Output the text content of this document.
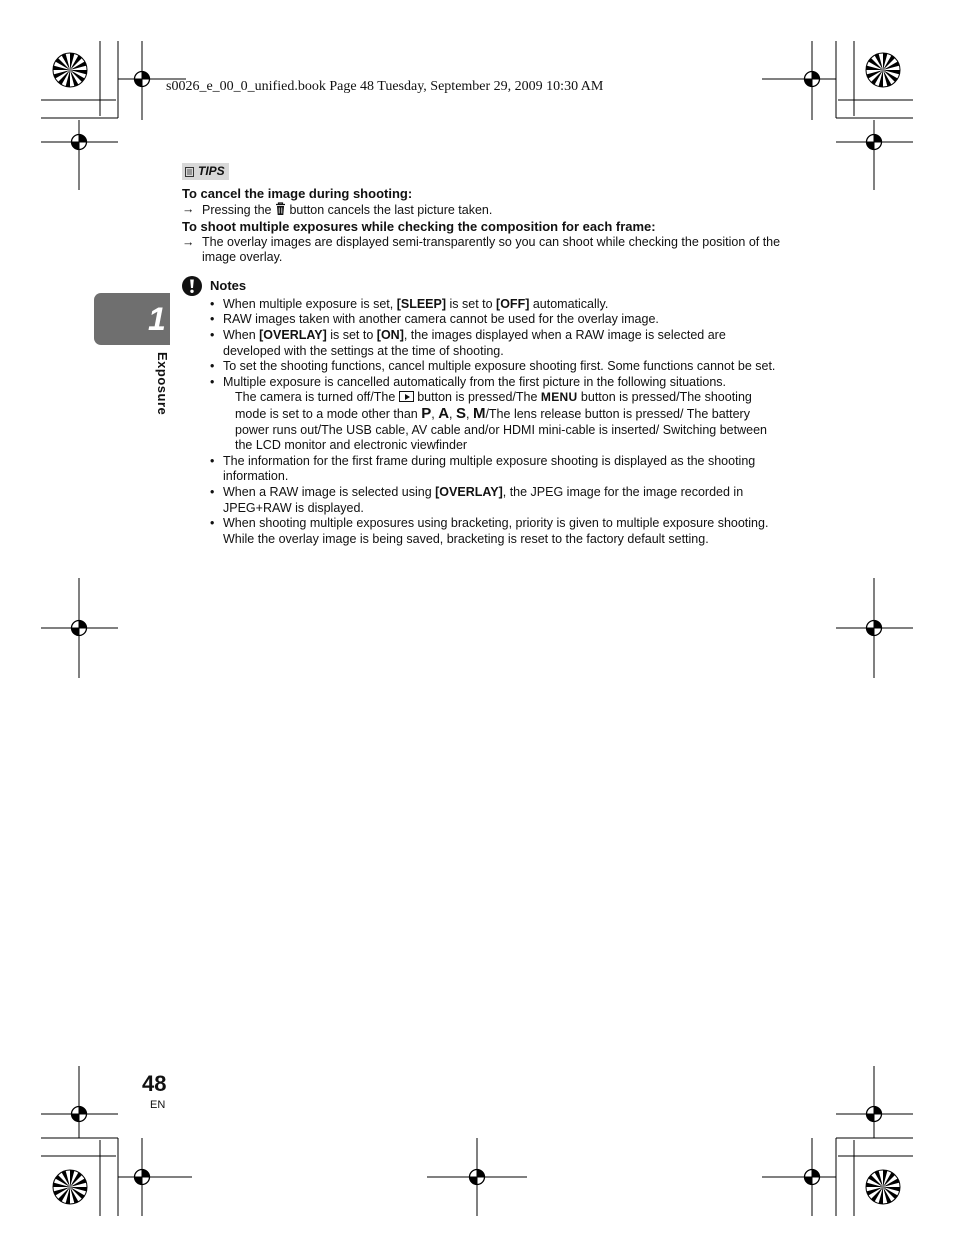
s0026_e_00_0_unified.book Page 48 Tuesday, September 29, 2009 10:30 AM
1
Exposure
TIPS
To cancel the image during shooting:
→ Pressing the button cancels the last picture taken.
To shoot multiple exposures while checking the composition for each frame:
→ The overlay images are displayed semi-transparently so you can shoot while checking the position of the image overlay.
Notes
• When multiple exposure is set, [SLEEP] is set to [OFF] automatically.
• RAW images taken with another camera cannot be used for the overlay image.
• When [OVERLAY] is set to [ON], the images displayed when a RAW image is selected are developed with the settings at the time of shooting.
• To set the shooting functions, cancel multiple exposure shooting first. Some functions cannot be set.
• Multiple exposure is cancelled automatically from the first picture in the following situations.
The camera is turned off/The  button is pressed/The MENU button is pressed/The shooting mode is set to a mode other than P, A, S, M/The lens release button is pressed/ The battery power runs out/The USB cable, AV cable and/or HDMI mini-cable is inserted/ Switching between the LCD monitor and electronic viewfinder
• The information for the first frame during multiple exposure shooting is displayed as the shooting information.
• When a RAW image is selected using [OVERLAY], the JPEG image for the image recorded in JPEG+RAW is displayed.
• When shooting multiple exposures using bracketing, priority is given to multiple exposure shooting. While the overlay image is being saved, bracketing is reset to the factory default setting.
48
EN
